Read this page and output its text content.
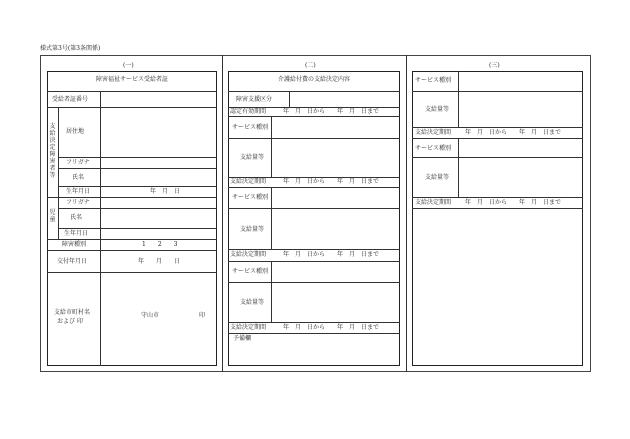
様式第3号(第3条関係)
(一)	(二)	(三)
障害福祉サービス受給者証
受給者証番号
支給決定障害者等
居住地
フリガナ
氏名
生年月日	年　月　日
児童
フリガナ
氏名
生年月日
障害種別	1　　2　　3
交付年月日	年　　月　　日
支給市町村名
および 印
守山市	印
介護給付費の支給決定内容
障害支援区分
認定有効期間	年　月　日から　　年　月　日まで
サービス種別
支給量等
支給決定期間	年　月　日から　　年　月　日まで
サービス種別
支給量等
支給決定期間	年　月　日から　　年　月　日まで
サービス種別
支給量等
支給決定期間	年　月　日から　　年　月　日まで
予備欄
サービス種別
支給量等
支給決定期間 年　月　日から　　年　月　日まで
サービス種別
支給量等
支給決定期間 年　月　日から　　年　月　日まで
